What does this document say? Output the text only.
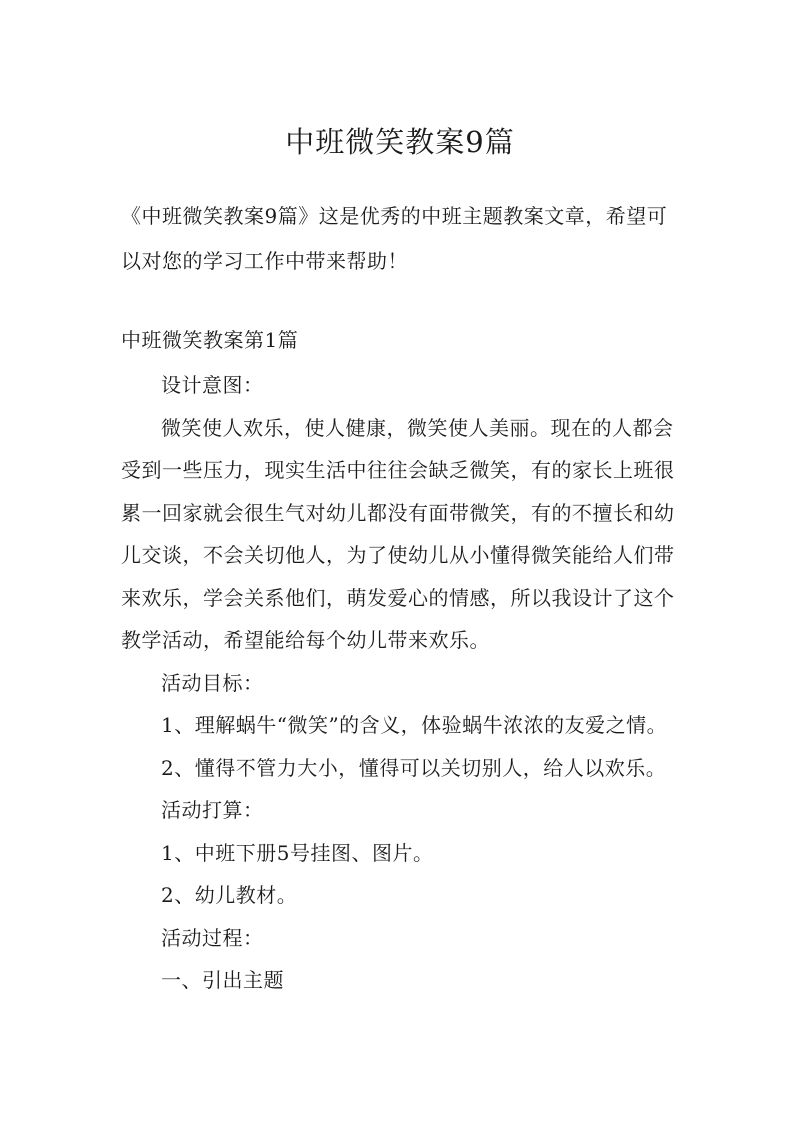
中班微笑教案9篇

《中班微笑教案9篇》这是优秀的中班主题教案文章，希望可以对您的学习工作中带来帮助！

中班微笑教案第1篇

设计意图：

微笑使人欢乐，使人健康，微笑使人美丽。现在的人都会受到一些压力，现实生活中往往会缺乏微笑，有的家长上班很累一回家就会很生气对幼儿都没有面带微笑，有的不擅长和幼儿交谈，不会关切他人，为了使幼儿从小懂得微笑能给人们带来欢乐，学会关系他们，萌发爱心的情感，所以我设计了这个教学活动，希望能给每个幼儿带来欢乐。

活动目标：

1、理解蜗牛“微笑”的含义，体验蜗牛浓浓的友爱之情。

2、懂得不管力大小，懂得可以关切别人，给人以欢乐。

活动打算：

1、中班下册5号挂图、图片。

2、幼儿教材。

活动过程：

一、引出主题
